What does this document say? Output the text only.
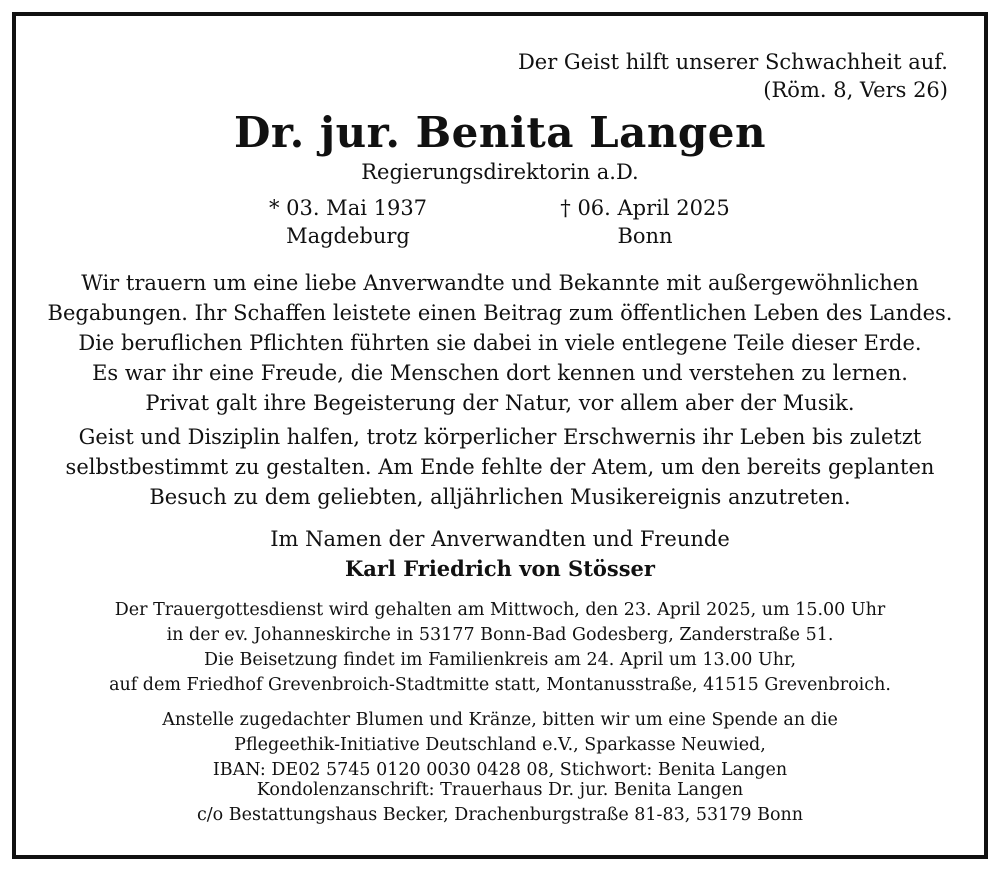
Der Geist hilft unserer Schwachheit auf.
(Röm. 8, Vers 26)
Dr. jur. Benita Langen
Regierungsdirektorin a.D.
* 03. Mai 1937
Magdeburg
† 06. April 2025
Bonn
Wir trauern um eine liebe Anverwandte und Bekannte mit außergewöhnlichen
Begabungen. Ihr Schaffen leistete einen Beitrag zum öffentlichen Leben des Landes.
Die beruflichen Pflichten führten sie dabei in viele entlegene Teile dieser Erde.
Es war ihr eine Freude, die Menschen dort kennen und verstehen zu lernen.
Privat galt ihre Begeisterung der Natur, vor allem aber der Musik.
Geist und Disziplin halfen, trotz körperlicher Erschwernis ihr Leben bis zuletzt
selbstbestimmt zu gestalten. Am Ende fehlte der Atem, um den bereits geplanten
Besuch zu dem geliebten, alljährlichen Musikereignis anzutreten.
Im Namen der Anverwandten und Freunde
Karl Friedrich von Stösser
Der Trauergottesdienst wird gehalten am Mittwoch, den 23. April 2025, um 15.00 Uhr
in der ev. Johanneskirche in 53177 Bonn-Bad Godesberg, Zanderstraße 51.
Die Beisetzung findet im Familienkreis am 24. April um 13.00 Uhr,
auf dem Friedhof Grevenbroich-Stadtmitte statt, Montanusstraße, 41515 Grevenbroich.
Anstelle zugedachter Blumen und Kränze, bitten wir um eine Spende an die
Pflegeethik-Initiative Deutschland e.V., Sparkasse Neuwied,
IBAN: DE02 5745 0120 0030 0428 08, Stichwort: Benita Langen
Kondolenzanschrift: Trauerhaus Dr. jur. Benita Langen
c/o Bestattungshaus Becker, Drachenburgstraße 81-83, 53179 Bonn
